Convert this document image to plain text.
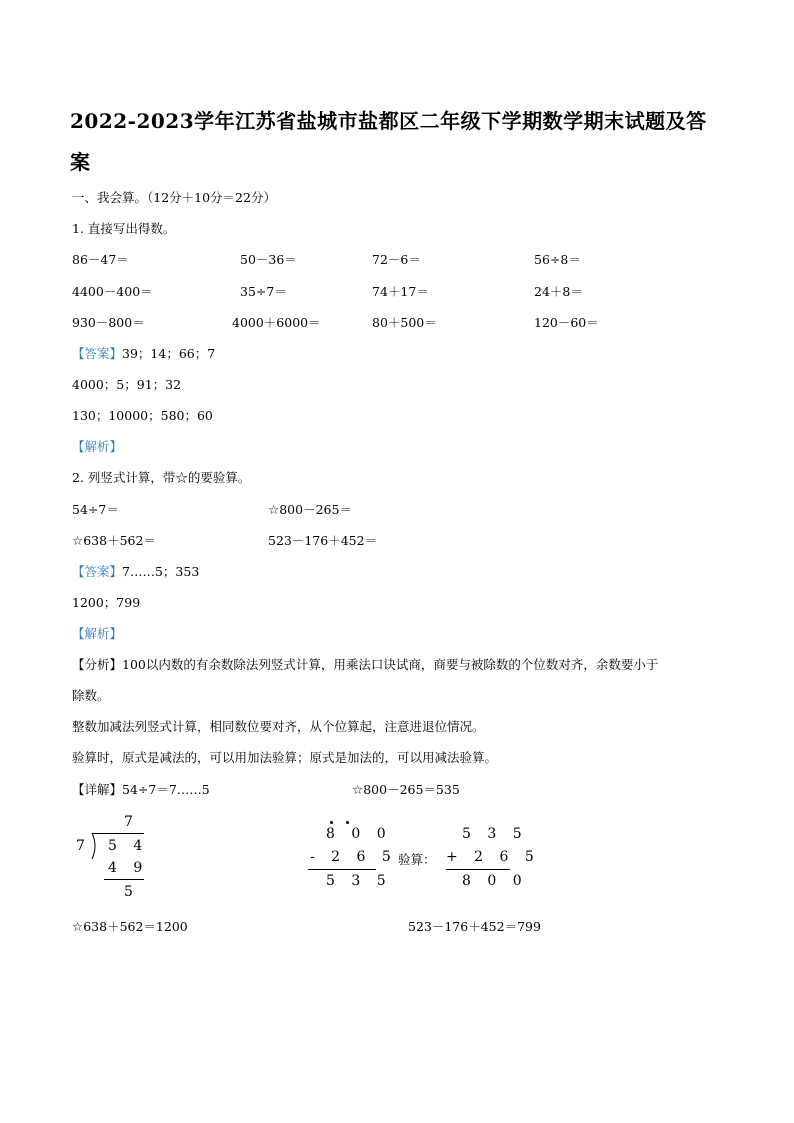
2022-2023学年江苏省盐城市盐都区二年级下学期数学期末试题及答
案
一、我会算。（12分＋10分＝22分）
1. 直接写出得数。
86－47＝	50－36＝	72－6＝	56÷8＝
4400－400＝	35÷7＝	74＋17＝	24＋8＝
930－800＝	4000＋6000＝	80＋500＝	120－60＝
【答案】39；14；66；7
4000；5；91；32
130；10000；580；60
【解析】
2. 列竖式计算，带☆的要验算。
54÷7＝	☆800－265＝
☆638＋562＝	523－176＋452＝
【答案】7……5；353
1200；799
【解析】
【分析】100以内数的有余数除法列竖式计算，用乘法口诀试商，商要与被除数的个位数对齐，余数要小于
除数。
整数加减法列竖式计算，相同数位要对齐，从个位算起，注意进退位情况。
验算时，原式是减法的，可以用加法验算；原式是加法的，可以用减法验算。
【详解】54÷7＝7……5	☆800－265＝535
7
7 5 4
4 9
5
8 0 0
- 2 6 5
5 3 5
验算：
5 3 5
+ 2 6 5
8 0 0
☆638＋562＝1200	523－176＋452＝799
